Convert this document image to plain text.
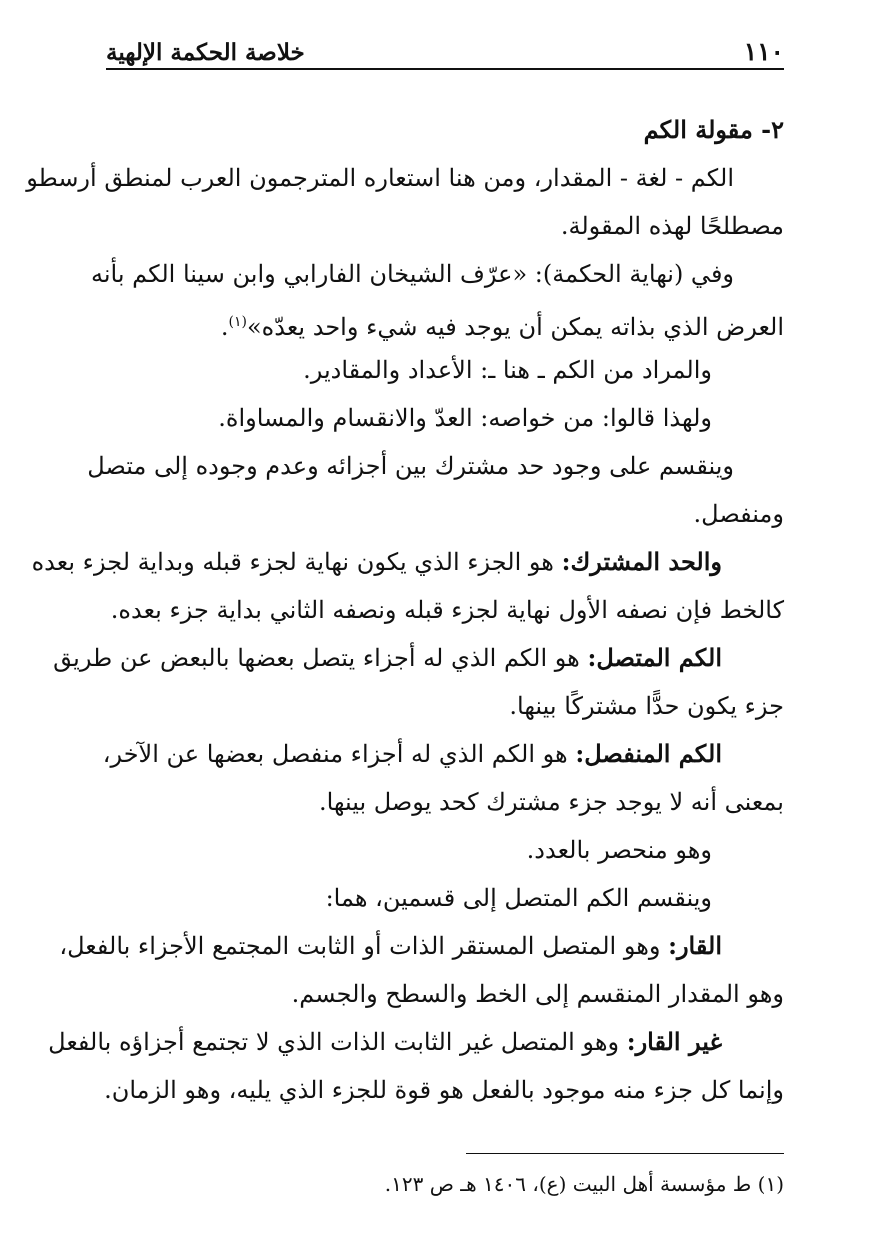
١١٠
خلاصة الحكمة الإلهية
٢- مقولة الكم
الكم - لغة - المقدار، ومن هنا استعاره المترجمون العرب لمنطق أرسطو
مصطلحًا لهذه المقولة.
وفي (نهاية الحكمة): «عرّف الشيخان الفارابي وابن سينا الكم بأنه
العرض الذي بذاته يمكن أن يوجد فيه شيء واحد يعدّه»$^{(١)}$.
والمراد من الكم ـ هنا ـ: الأعداد والمقادير.
ولهذا قالوا: من خواصه: العدّ والانقسام والمساواة.
وينقسم على وجود حد مشترك بين أجزائه وعدم وجوده إلى متصل
ومنفصل.
والحد المشترك: هو الجزء الذي يكون نهاية لجزء قبله وبداية لجزء بعده
كالخط فإن نصفه الأول نهاية لجزء قبله ونصفه الثاني بداية جزء بعده.
الكم المتصل: هو الكم الذي له أجزاء يتصل بعضها بالبعض عن طريق
جزء يكون حدًّا مشتركًا بينها.
الكم المنفصل: هو الكم الذي له أجزاء منفصل بعضها عن الآخر،
بمعنى أنه لا يوجد جزء مشترك كحد يوصل بينها.
وهو منحصر بالعدد.
وينقسم الكم المتصل إلى قسمين، هما:
القار: وهو المتصل المستقر الذات أو الثابت المجتمع الأجزاء بالفعل،
وهو المقدار المنقسم إلى الخط والسطح والجسم.
غير القار: وهو المتصل غير الثابت الذات الذي لا تجتمع أجزاؤه بالفعل
وإنما كل جزء منه موجود بالفعل هو قوة للجزء الذي يليه، وهو الزمان.
(١) ط مؤسسة أهل البيت (ع)، ١٤٠٦ هـ ص ١٢٣.
